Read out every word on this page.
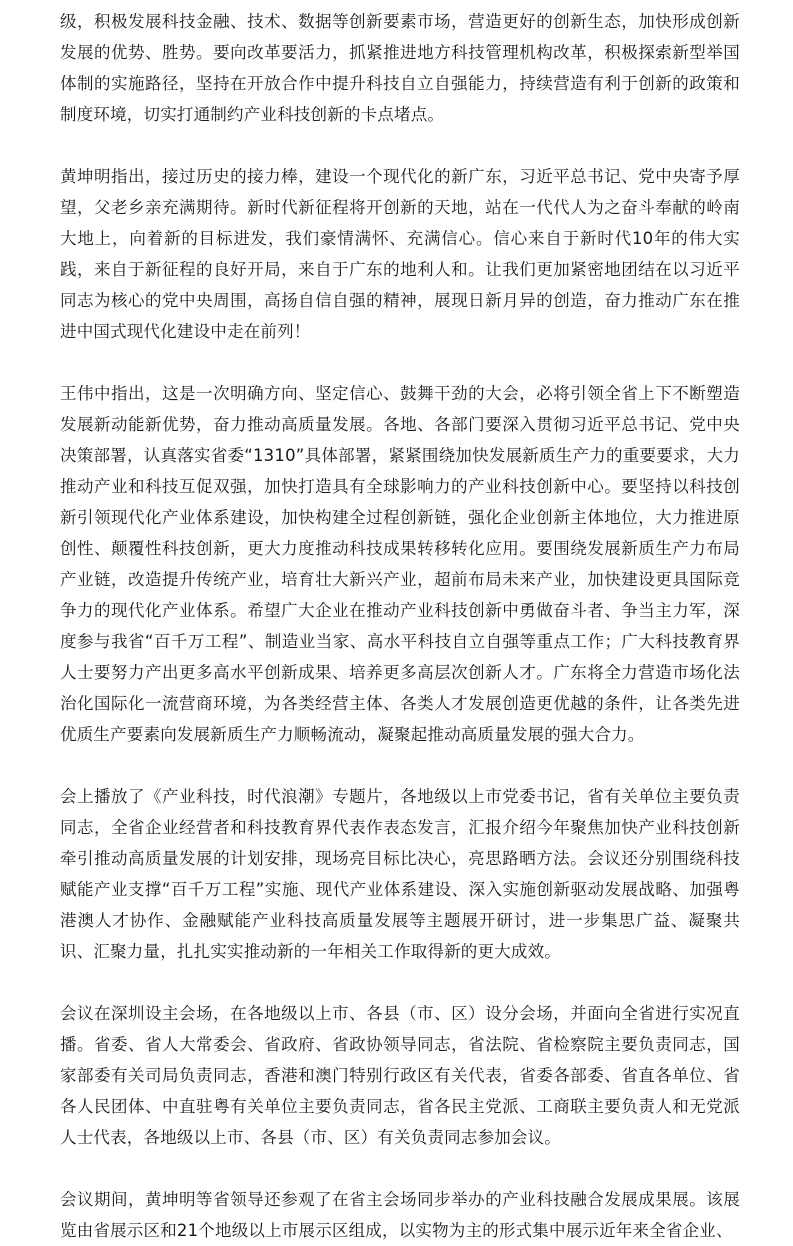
级，积极发展科技金融、技术、数据等创新要素市场，营造更好的创新生态，加快形成创新发展的优势、胜势。要向改革要活力，抓紧推进地方科技管理机构改革，积极探索新型举国体制的实施路径，坚持在开放合作中提升科技自立自强能力，持续营造有利于创新的政策和制度环境，切实打通制约产业科技创新的卡点堵点。

黄坤明指出，接过历史的接力棒，建设一个现代化的新广东，习近平总书记、党中央寄予厚望，父老乡亲充满期待。新时代新征程将开创新的天地，站在一代代人为之奋斗奉献的岭南大地上，向着新的目标进发，我们豪情满怀、充满信心。信心来自于新时代10年的伟大实践，来自于新征程的良好开局，来自于广东的地利人和。让我们更加紧密地团结在以习近平同志为核心的党中央周围，高扬自信自强的精神，展现日新月异的创造，奋力推动广东在推进中国式现代化建设中走在前列！

王伟中指出，这是一次明确方向、坚定信心、鼓舞干劲的大会，必将引领全省上下不断塑造发展新动能新优势，奋力推动高质量发展。各地、各部门要深入贯彻习近平总书记、党中央决策部署，认真落实省委“1310”具体部署，紧紧围绕加快发展新质生产力的重要要求，大力推动产业和科技互促双强，加快打造具有全球影响力的产业科技创新中心。要坚持以科技创新引领现代化产业体系建设，加快构建全过程创新链，强化企业创新主体地位，大力推进原创性、颠覆性科技创新，更大力度推动科技成果转移转化应用。要围绕发展新质生产力布局产业链，改造提升传统产业，培育壮大新兴产业，超前布局未来产业，加快建设更具国际竞争力的现代化产业体系。希望广大企业在推动产业科技创新中勇做奋斗者、争当主力军，深度参与我省“百千万工程”、制造业当家、高水平科技自立自强等重点工作；广大科技教育界人士要努力产出更多高水平创新成果、培养更多高层次创新人才。广东将全力营造市场化法治化国际化一流营商环境，为各类经营主体、各类人才发展创造更优越的条件，让各类先进优质生产要素向发展新质生产力顺畅流动，凝聚起推动高质量发展的强大合力。

会上播放了《产业科技，时代浪潮》专题片，各地级以上市党委书记，省有关单位主要负责同志，全省企业经营者和科技教育界代表作表态发言，汇报介绍今年聚焦加快产业科技创新牵引推动高质量发展的计划安排，现场亮目标比决心，亮思路晒方法。会议还分别围绕科技赋能产业支撑“百千万工程”实施、现代产业体系建设、深入实施创新驱动发展战略、加强粤港澳人才协作、金融赋能产业科技高质量发展等主题展开研讨，进一步集思广益、凝聚共识、汇聚力量，扎扎实实推动新的一年相关工作取得新的更大成效。

会议在深圳设主会场，在各地级以上市、各县（市、区）设分会场，并面向全省进行实况直播。省委、省人大常委会、省政府、省政协领导同志，省法院、省检察院主要负责同志，国家部委有关司局负责同志，香港和澳门特别行政区有关代表，省委各部委、省直各单位、省各人民团体、中直驻粤有关单位主要负责同志，省各民主党派、工商联主要负责人和无党派人士代表，各地级以上市、各县（市、区）有关负责同志参加会议。

会议期间，黄坤明等省领导还参观了在省主会场同步举办的产业科技融合发展成果展。该展览由省展示区和21个地级以上市展示区组成，以实物为主的形式集中展示近年来全省企业、
